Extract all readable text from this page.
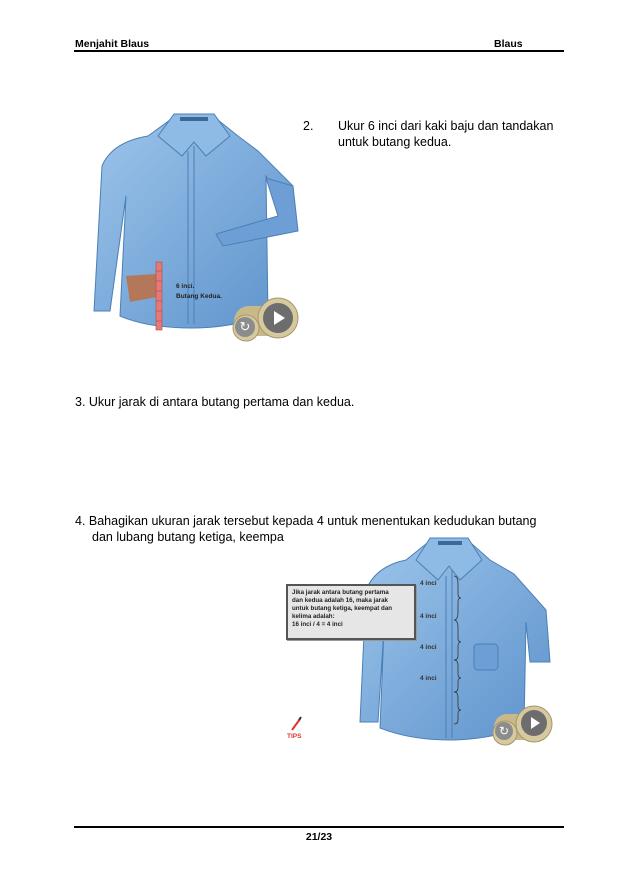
Menjahit Blaus	Blaus
6 inci.
Butang Kedua.
↻
2. Ukur 6 inci dari kaki baju dan tandakan
untuk butang kedua.
3. Ukur jarak di antara butang pertama dan kedua.
4. Bahagikan ukuran jarak tersebut kepada 4 untuk menentukan kedudukan butang
dan lubang butang ketiga, keempa
4 inci
4 inci
4 inci
4 inci
Jika jarak antara butang pertama
dan kedua adalah 16, maka jarak
untuk butang ketiga, keempat dan
kelima adalah:
16 inci / 4 = 4 inci
TIPS	↻
21/23
